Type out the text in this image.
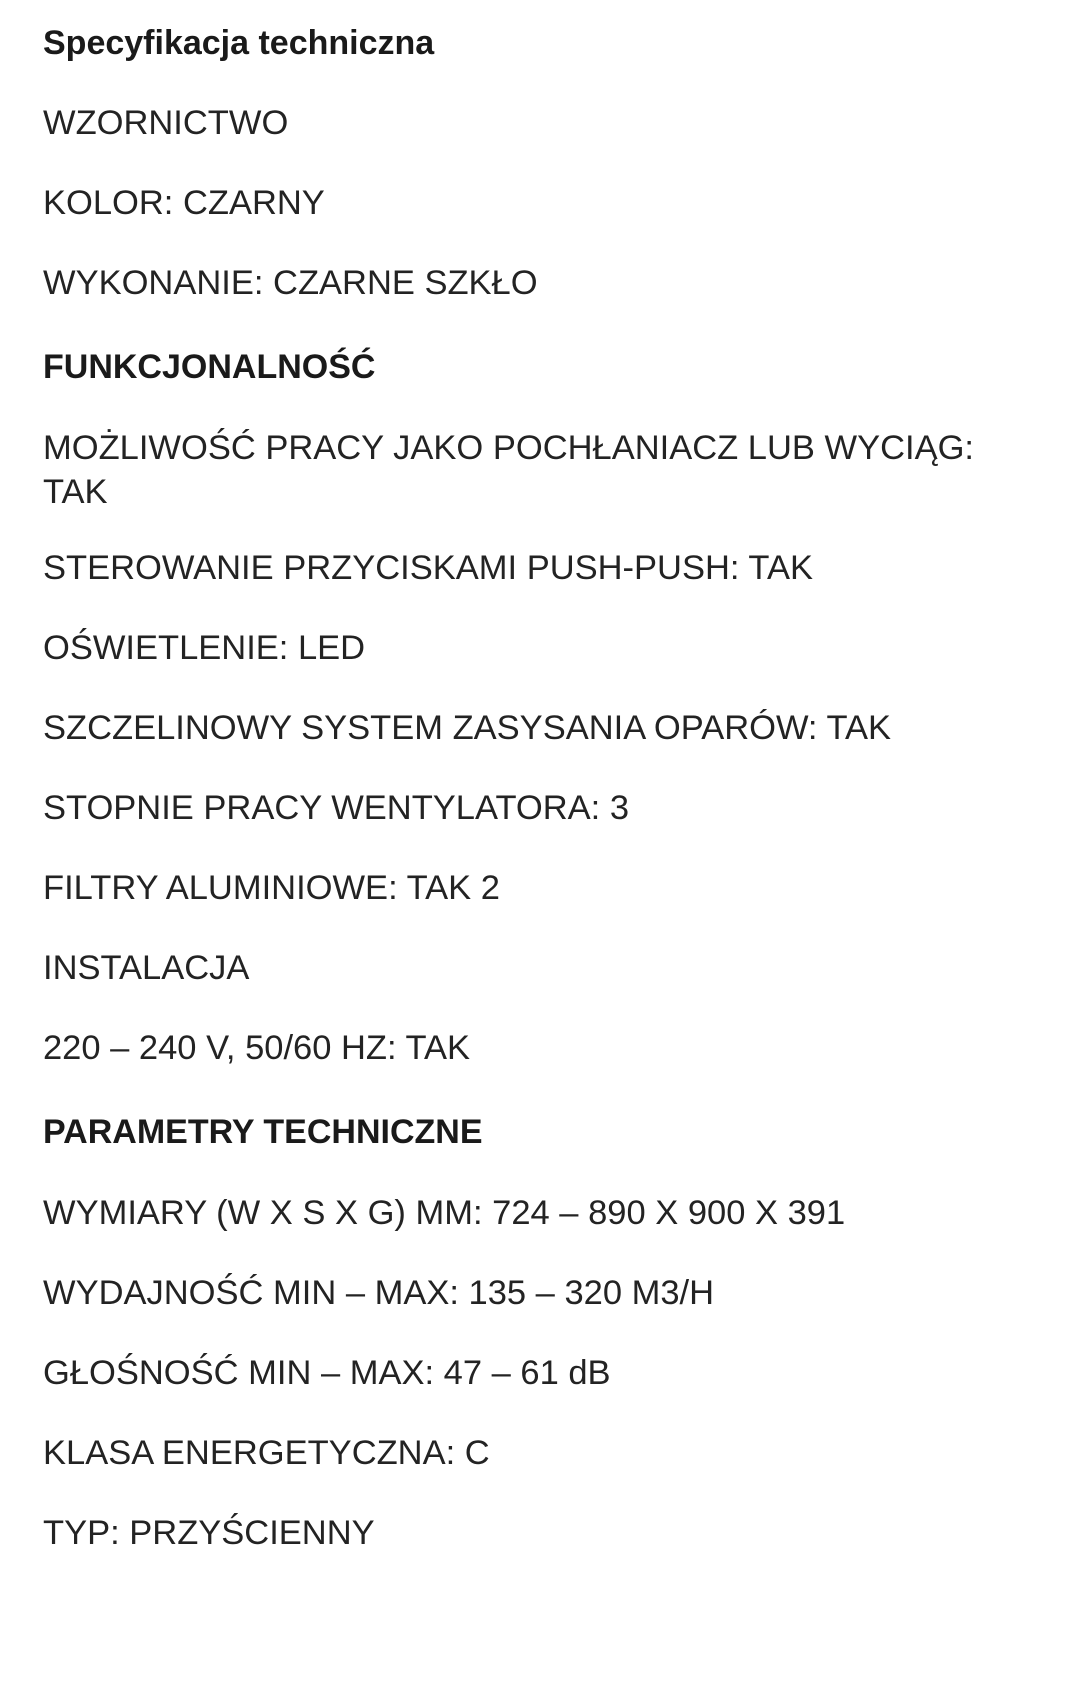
Specyfikacja techniczna

WZORNICTWO

KOLOR: CZARNY

WYKONANIE: CZARNE SZKŁO

FUNKCJONALNOŚĆ

MOŻLIWOŚĆ PRACY JAKO POCHŁANIACZ LUB WYCIĄG: TAK

STEROWANIE PRZYCISKAMI PUSH-PUSH: TAK

OŚWIETLENIE: LED

SZCZELINOWY SYSTEM ZASYSANIA OPARÓW: TAK

STOPNIE PRACY WENTYLATORA: 3

FILTRY ALUMINIOWE: TAK 2

INSTALACJA

220 – 240 V, 50/60 HZ: TAK

PARAMETRY TECHNICZNE

WYMIARY (W X S X G) MM: 724 – 890 X 900 X 391

WYDAJNOŚĆ MIN – MAX: 135 – 320 M3/H

GŁOŚNOŚĆ MIN – MAX: 47 – 61 dB

KLASA ENERGETYCZNA: C

TYP: PRZYŚCIENNY
